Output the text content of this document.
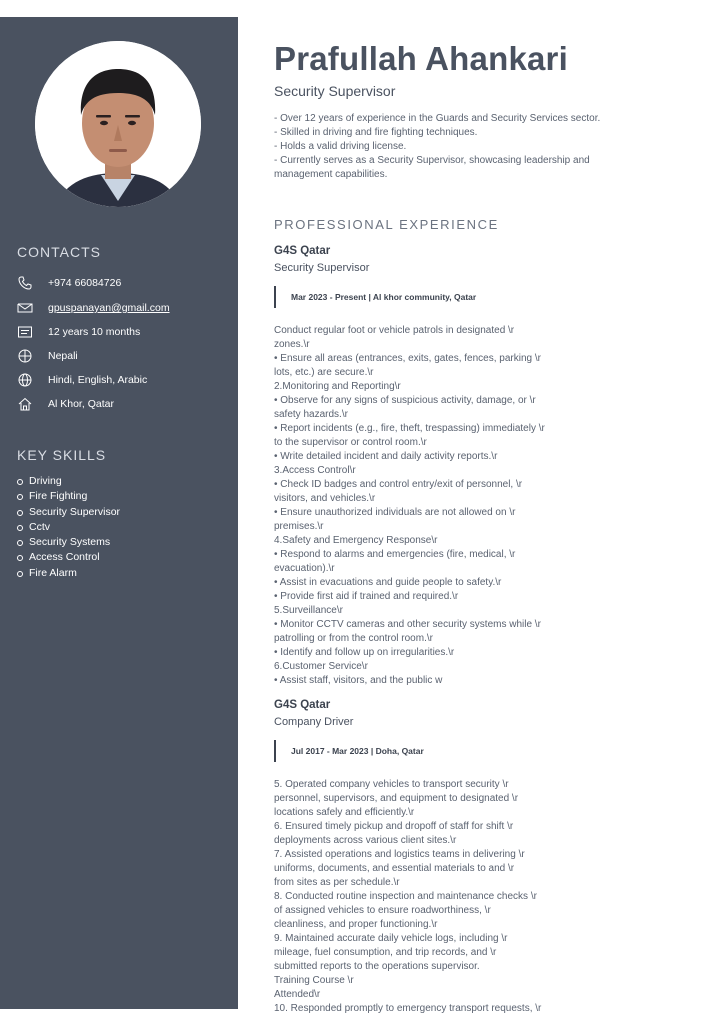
CONTACTS
+974 66084726
gpuspanayan@gmail.com
12 years 10 months
Nepali
Hindi, English, Arabic
Al Khor, Qatar
KEY SKILLS
Driving
Fire Fighting
Security Supervisor
Cctv
Security Systems
Access Control
Fire Alarm
Prafullah Ahankari
Security Supervisor
- Over 12 years of experience in the Guards and Security Services sector.
- Skilled in driving and fire fighting techniques.
- Holds a valid driving license.
- Currently serves as a Security Supervisor, showcasing leadership and
management capabilities.
PROFESSIONAL EXPERIENCE
G4S Qatar
Security Supervisor
Mar 2023 - Present | Al khor community, Qatar
Conduct regular foot or vehicle patrols in designated \r
zones.\r
• Ensure all areas (entrances, exits, gates, fences, parking \r
lots, etc.) are secure.\r
2.Monitoring and Reporting\r
• Observe for any signs of suspicious activity, damage, or \r
safety hazards.\r
• Report incidents (e.g., fire, theft, trespassing) immediately \r
to the supervisor or control room.\r
• Write detailed incident and daily activity reports.\r
3.Access Control\r
• Check ID badges and control entry/exit of personnel, \r
visitors, and vehicles.\r
• Ensure unauthorized individuals are not allowed on \r
premises.\r
4.Safety and Emergency Response\r
• Respond to alarms and emergencies (fire, medical, \r
evacuation).\r
• Assist in evacuations and guide people to safety.\r
• Provide first aid if trained and required.\r
5.Surveillance\r
• Monitor CCTV cameras and other security systems while \r
patrolling or from the control room.\r
• Identify and follow up on irregularities.\r
6.Customer Service\r
• Assist staff, visitors, and the public w
G4S Qatar
Company Driver
Jul 2017 - Mar 2023 | Doha, Qatar
5. Operated company vehicles to transport security \r
personnel, supervisors, and equipment to designated \r
locations safely and efficiently.\r
6. Ensured timely pickup and dropoff of staff for shift \r
deployments across various client sites.\r
7. Assisted operations and logistics teams in delivering \r
uniforms, documents, and essential materials to and \r
from sites as per schedule.\r
8. Conducted routine inspection and maintenance checks \r
of assigned vehicles to ensure roadworthiness, \r
cleanliness, and proper functioning.\r
9. Maintained accurate daily vehicle logs, including \r
mileage, fuel consumption, and trip records, and \r
submitted reports to the operations supervisor.
Training Course \r
Attended\r
10. Responded promptly to emergency transport requests, \r
